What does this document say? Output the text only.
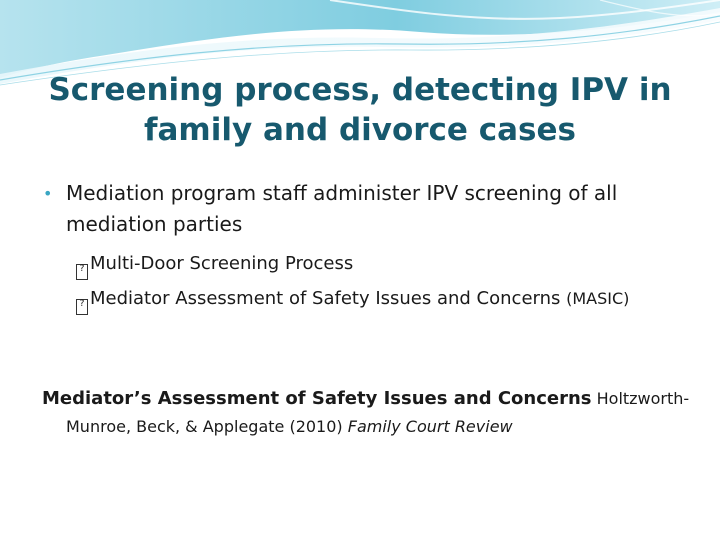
Screening process, detecting IPV in
family and divorce cases
• Mediation program staff administer IPV screening of all mediation parties
? Multi-Door Screening Process
? Mediator Assessment of Safety Issues and Concerns (MASIC)
Mediator’s Assessment of Safety Issues and Concerns Holtzworth-
Munroe, Beck, & Applegate (2010) Family Court Review
